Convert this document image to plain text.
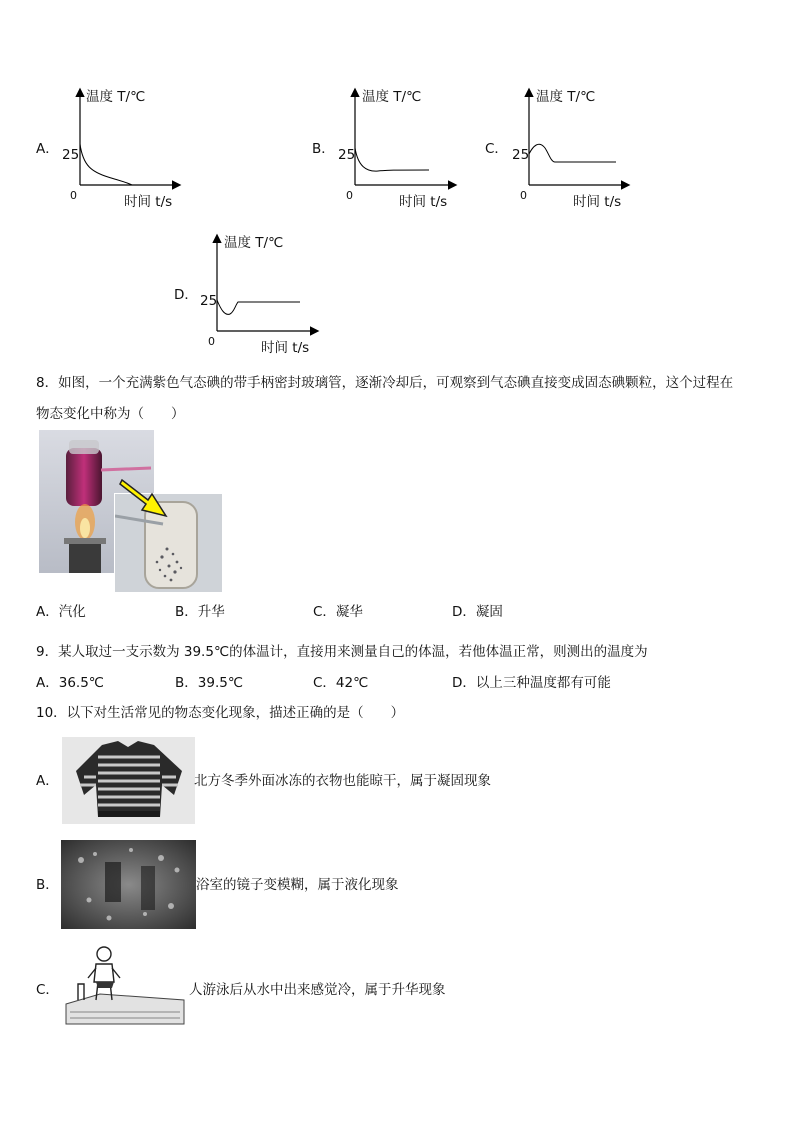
A．
温度 T/℃
25
0	时间 t/s
B．
温度 T/℃
25
0	时间 t/s
C．
温度 T/℃
25
0	时间 t/s
D．
温度 T/℃
25
0	时间 t/s
8．如图，一个充满紫色气态碘的带手柄密封玻璃管，逐渐冷却后，可观察到气态碘直接变成固态碘颗粒，这个过程在
物态变化中称为（　　）
A．汽化	B．升华	C．凝华	D．凝固
9．某人取过一支示数为 39.5℃的体温计，直接用来测量自己的体温，若他体温正常，则测出的温度为
A．36.5℃	B．39.5℃	C．42℃	D．以上三种温度都有可能
10．以下对生活常见的物态变化现象，描述正确的是（　　）
A．	北方冬季外面冰冻的衣物也能晾干，属于凝固现象
B．	浴室的镜子变模糊，属于液化现象
C．	人游泳后从水中出来感觉冷，属于升华现象
